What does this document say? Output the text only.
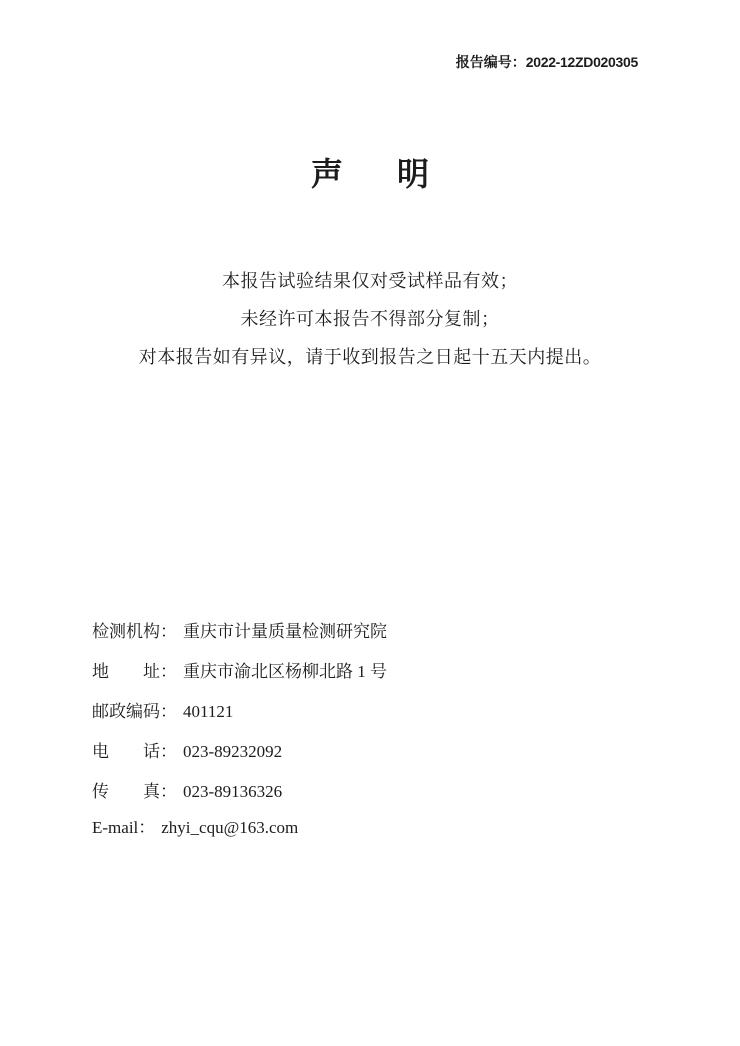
报告编号：2022-12ZD020305
声明

本报告试验结果仅对受试样品有效；

未经许可本报告不得部分复制；

对本报告如有异议，请于收到报告之日起十五天内提出。

检测机构： 重庆市计量质量检测研究院
地址： 重庆市渝北区杨柳北路 1 号
邮政编码： 401121
电话： 023-89232092
传真： 023-89136326
E-mail： zhyi_cqu@163.com
